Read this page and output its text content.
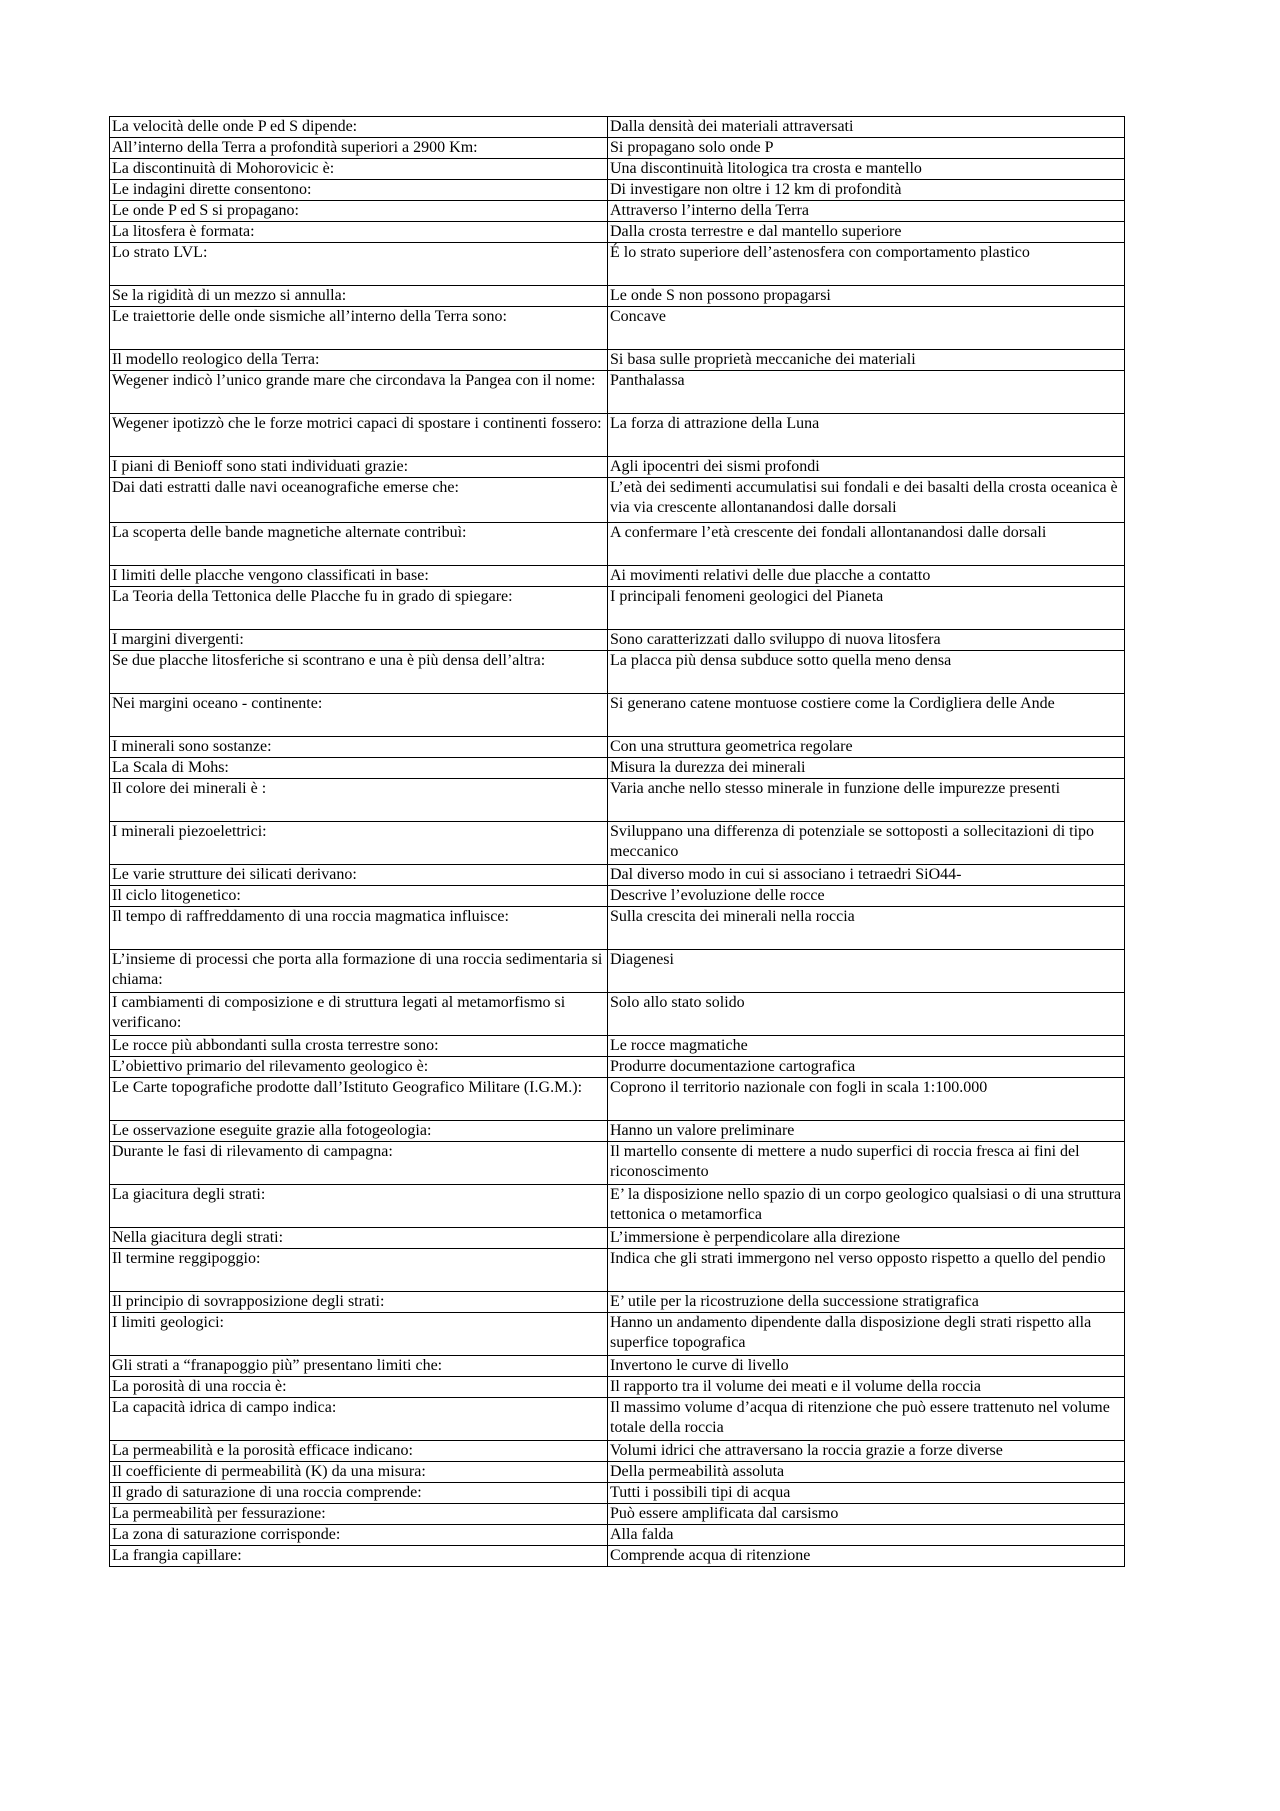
La velocità delle onde P ed S dipende:	Dalla densità dei materiali attraversati
All’interno della Terra a profondità superiori a 2900 Km:	Si propagano solo onde P
La discontinuità di Mohorovicic è:	Una discontinuità litologica tra crosta e mantello
Le indagini dirette consentono:	Di investigare non oltre i 12 km di profondità
Le onde P ed S si propagano:	Attraverso l’interno della Terra
La litosfera è formata:	Dalla crosta terrestre e dal mantello superiore
Lo strato LVL:	É lo strato superiore dell’astenosfera con comportamento plastico
Se la rigidità di un mezzo si annulla:	Le onde S non possono propagarsi
Le traiettorie delle onde sismiche all’interno della Terra sono:	Concave
Il modello reologico della Terra:	Si basa sulle proprietà meccaniche dei materiali
Wegener indicò l’unico grande mare che circondava la Pangea con il nome:	Panthalassa
Wegener ipotizzò che le forze motrici capaci di spostare i continenti fossero:	La forza di attrazione della Luna
I piani di Benioff sono stati individuati grazie:	Agli ipocentri dei sismi profondi
Dai dati estratti dalle navi oceanografiche emerse che:	L’età dei sedimenti accumulatisi sui fondali e dei basalti della crosta oceanica è via via crescente allontanandosi dalle dorsali
La scoperta delle bande magnetiche alternate contribuì:	A confermare l’età crescente dei fondali allontanandosi dalle dorsali
I limiti delle placche vengono classificati in base:	Ai movimenti relativi delle due placche a contatto
La Teoria della Tettonica delle Placche fu in grado di spiegare:	I principali fenomeni geologici del Pianeta
I margini divergenti:	Sono caratterizzati dallo sviluppo di nuova litosfera
Se due placche litosferiche si scontrano e una è più densa dell’altra:	La placca più densa subduce sotto quella meno densa
Nei margini oceano - continente:	Si generano catene montuose costiere come la Cordigliera delle Ande
I minerali sono sostanze:	Con una struttura geometrica regolare
La Scala di Mohs:	Misura la durezza dei minerali
Il colore dei minerali è :	Varia anche nello stesso minerale in funzione delle impurezze presenti
I minerali piezoelettrici:	Sviluppano una differenza di potenziale se sottoposti a sollecitazioni di tipo meccanico
Le varie strutture dei silicati derivano:	Dal diverso modo in cui si associano i tetraedri SiO44-
Il ciclo litogenetico:	Descrive l’evoluzione delle rocce
Il tempo di raffreddamento di una roccia magmatica influisce:	Sulla crescita dei minerali nella roccia
L’insieme di processi che porta alla formazione di una roccia sedimentaria si chiama:	Diagenesi
I cambiamenti di composizione e di struttura legati al metamorfismo si verificano:	Solo allo stato solido
Le rocce più abbondanti sulla crosta terrestre sono:	Le rocce magmatiche
L’obiettivo primario del rilevamento geologico è:	Produrre documentazione cartografica
Le Carte topografiche prodotte dall’Istituto Geografico Militare (I.G.M.):	Coprono il territorio nazionale con fogli in scala 1:100.000
Le osservazione eseguite grazie alla fotogeologia:	Hanno un valore preliminare
Durante le fasi di rilevamento di campagna:	Il martello consente di mettere a nudo superfici di roccia fresca ai fini del riconoscimento
La giacitura degli strati:	E’ la disposizione nello spazio di un corpo geologico qualsiasi o di una struttura tettonica o metamorfica
Nella giacitura degli strati:	L’immersione è perpendicolare alla direzione
Il termine reggipoggio:	Indica che gli strati immergono nel verso opposto rispetto a quello del pendio
Il principio di sovrapposizione degli strati:	E’ utile per la ricostruzione della successione stratigrafica
I limiti geologici:	Hanno un andamento dipendente dalla disposizione degli strati rispetto alla superfice topografica
Gli strati a “franapoggio più” presentano limiti che:	Invertono le curve di livello
La porosità di una roccia è:	Il rapporto tra il volume dei meati e il volume della roccia
La capacità idrica di campo indica:	Il massimo volume d’acqua di ritenzione che può essere trattenuto nel volume totale della roccia
La permeabilità e la porosità efficace indicano:	Volumi idrici che attraversano la roccia grazie a forze diverse
Il coefficiente di permeabilità (K) da una misura:	Della permeabilità assoluta
Il grado di saturazione di una roccia comprende:	Tutti i possibili tipi di acqua
La permeabilità per fessurazione:	Può essere amplificata dal carsismo
La zona di saturazione corrisponde:	Alla falda
La frangia capillare:	Comprende acqua di ritenzione
